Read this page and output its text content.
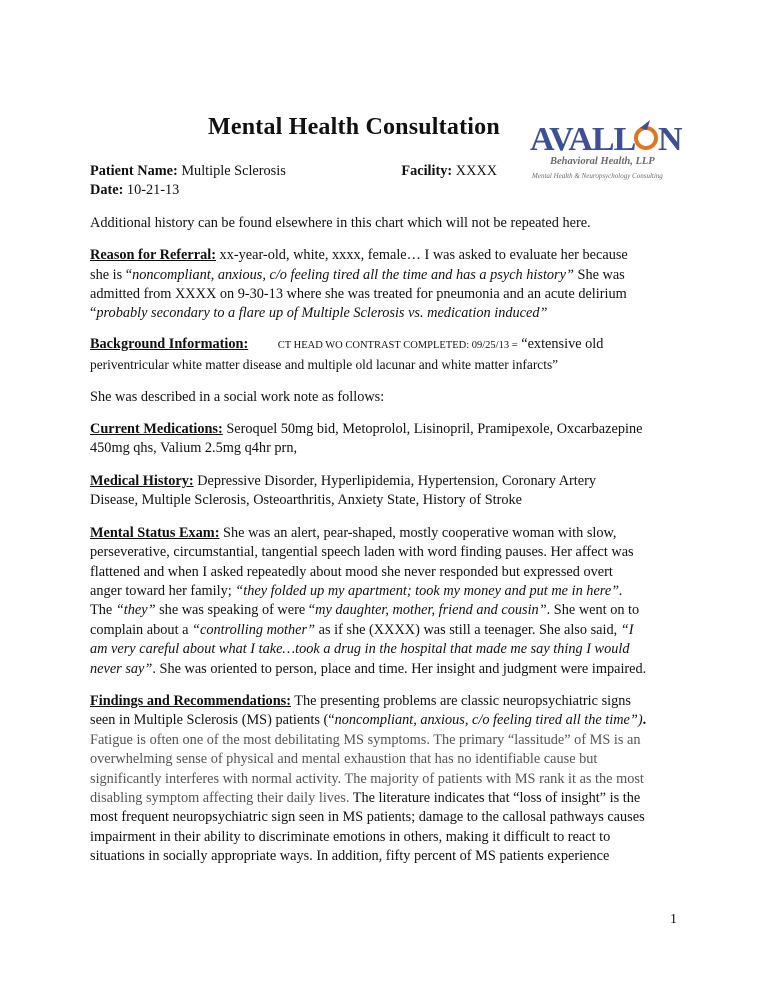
Mental Health Consultation AVALL N
Behavioral Health, LLP
Mental Health & Neuropsychology Consulting
Patient Name: Multiple Sclerosis	Facility: XXXX
Date: 10-21-13
Additional history can be found elsewhere in this chart which will not be repeated here.
Reason for Referral: xx-year-old, white, xxxx, female… I was asked to evaluate her because
she is “noncompliant, anxious, c/o feeling tired all the time and has a psych history” She was
admitted from XXXX on 9-30-13 where she was treated for pneumonia and an acute delirium
“probably secondary to a flare up of Multiple Sclerosis vs. medication induced”
Background Information:	CT HEAD WO CONTRAST COMPLETED: 09/25/13 = “extensive old
periventricular white matter disease and multiple old lacunar and white matter infarcts”
She was described in a social work note as follows:
Current Medications: Seroquel 50mg bid, Metoprolol, Lisinopril, Pramipexole, Oxcarbazepine
450mg qhs, Valium 2.5mg q4hr prn,
Medical History: Depressive Disorder, Hyperlipidemia, Hypertension, Coronary Artery
Disease, Multiple Sclerosis, Osteoarthritis, Anxiety State, History of Stroke
Mental Status Exam: She was an alert, pear-shaped, mostly cooperative woman with slow,
perseverative, circumstantial, tangential speech laden with word finding pauses. Her affect was
flattened and when I asked repeatedly about mood she never responded but expressed overt
anger toward her family; “they folded up my apartment; took my money and put me in here”.
The “they” she was speaking of were “my daughter, mother, friend and cousin”. She went on to
complain about a “controlling mother” as if she (XXXX) was still a teenager. She also said, “I
am very careful about what I take…took a drug in the hospital that made me say thing I would
never say”. She was oriented to person, place and time. Her insight and judgment were impaired.
Findings and Recommendations: The presenting problems are classic neuropsychiatric signs
seen in Multiple Sclerosis (MS) patients (“noncompliant, anxious, c/o feeling tired all the time”).
Fatigue is often one of the most debilitating MS symptoms. The primary “lassitude” of MS is an
overwhelming sense of physical and mental exhaustion that has no identifiable cause but
significantly interferes with normal activity. The majority of patients with MS rank it as the most
disabling symptom affecting their daily lives. The literature indicates that “loss of insight” is the
most frequent neuropsychiatric sign seen in MS patients; damage to the callosal pathways causes
impairment in their ability to discriminate emotions in others, making it difficult to react to
situations in socially appropriate ways. In addition, fifty percent of MS patients experience
1
